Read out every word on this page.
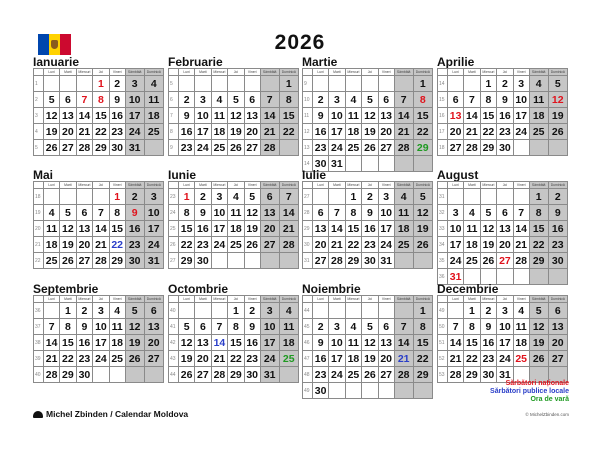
2026
Ianuarie
	Luni	Marti	Miercuri	Joi	Vineri	Sâmbătă	Duminică
1				1	2	3	4
2	5	6	7	8	9	10	11
3	12	13	14	15	16	17	18
4	19	20	21	22	23	24	25
5	26	27	28	29	30	31	
Februarie
	Luni	Marti	Miercuri	Joi	Vineri	Sâmbătă	Duminică
5							1
6	2	3	4	5	6	7	8
7	9	10	11	12	13	14	15
8	16	17	18	19	20	21	22
9	23	24	25	26	27	28	
Martie
	Luni	Marti	Miercuri	Joi	Vineri	Sâmbătă	Duminică
9							1
10	2	3	4	5	6	7	8
11	9	10	11	12	13	14	15
12	16	17	18	19	20	21	22
13	23	24	25	26	27	28	29
14	30	31					
Aprilie
	Luni	Marti	Miercuri	Joi	Vineri	Sâmbătă	Duminică
14			1	2	3	4	5
15	6	7	8	9	10	11	12
16	13	14	15	16	17	18	19
17	20	21	22	23	24	25	26
18	27	28	29	30			
Mai
	Luni	Marti	Miercuri	Joi	Vineri	Sâmbătă	Duminică
18					1	2	3
19	4	5	6	7	8	9	10
20	11	12	13	14	15	16	17
21	18	19	20	21	22	23	24
22	25	26	27	28	29	30	31
Iunie
	Luni	Marti	Miercuri	Joi	Vineri	Sâmbătă	Duminică
23	1	2	3	4	5	6	7
24	8	9	10	11	12	13	14
25	15	16	17	18	19	20	21
26	22	23	24	25	26	27	28
27	29	30					
Iulie
	Luni	Marti	Miercuri	Joi	Vineri	Sâmbătă	Duminică
27			1	2	3	4	5
28	6	7	8	9	10	11	12
29	13	14	15	16	17	18	19
30	20	21	22	23	24	25	26
31	27	28	29	30	31		
August
	Luni	Marti	Miercuri	Joi	Vineri	Sâmbătă	Duminică
31						1	2
32	3	4	5	6	7	8	9
33	10	11	12	13	14	15	16
34	17	18	19	20	21	22	23
35	24	25	26	27	28	29	30
36	31						
Septembrie
	Luni	Marti	Miercuri	Joi	Vineri	Sâmbătă	Duminică
36		1	2	3	4	5	6
37	7	8	9	10	11	12	13
38	14	15	16	17	18	19	20
39	21	22	23	24	25	26	27
40	28	29	30				
Octombrie
	Luni	Marti	Miercuri	Joi	Vineri	Sâmbătă	Duminică
40				1	2	3	4
41	5	6	7	8	9	10	11
42	12	13	14	15	16	17	18
43	19	20	21	22	23	24	25
44	26	27	28	29	30	31	
Noiembrie
	Luni	Marti	Miercuri	Joi	Vineri	Sâmbătă	Duminică
44							1
45	2	3	4	5	6	7	8
46	9	10	11	12	13	14	15
47	16	17	18	19	20	21	22
48	23	24	25	26	27	28	29
49	30						
Decembrie
	Luni	Marti	Miercuri	Joi	Vineri	Sâmbătă	Duminică
49		1	2	3	4	5	6
50	7	8	9	10	11	12	13
51	14	15	16	17	18	19	20
52	21	22	23	24	25	26	27
53	28	29	30	31			
Sărbători naționale
Sărbători publice locale
Ora de vară
Michel Zbinden / Calendar Moldova	© MichelZbinden.com
